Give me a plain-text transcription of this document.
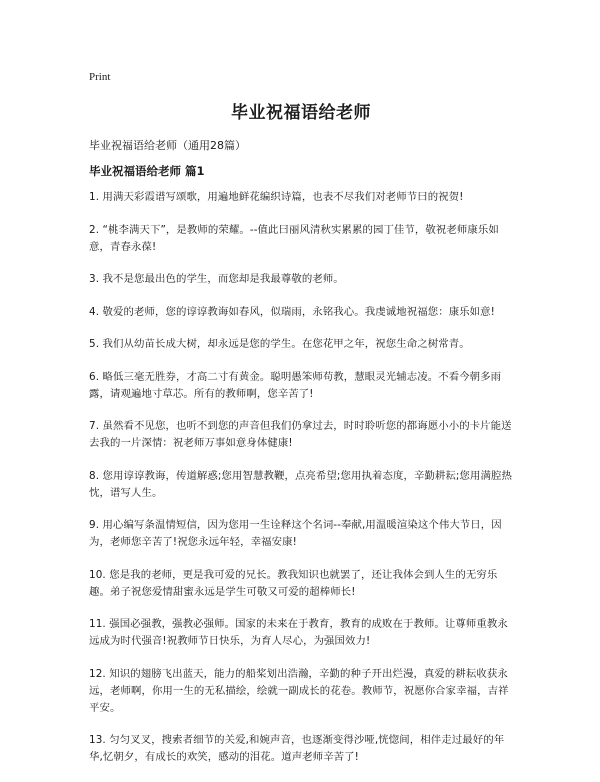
Print
毕业祝福语给老师

毕业祝福语给老师（通用28篇）

毕业祝福语给老师 篇1
1. 用满天彩霞谱写颂歌，用遍地鲜花编织诗篇，也表不尽我们对老师节曰的祝贺!
2. “桃李满天下”，是教师的荣耀。--值此曰丽风清秋实累累的园丁佳节，敬祝老师康乐如意，青春永葆!
3. 我不是您最出色的学生，而您却是我最尊敬的老师。
4. 敬爱的老师，您的谆谆教诲如春风，似瑞雨，永铭我心。我虔诚地祝福您：康乐如意!
5. 我们从幼苗长成大树，却永远是您的学生。在您花甲之年，祝您生命之树常青。
6. 略低三毫无胜券，才高二寸有黄金。聪明愚笨师苟教，慧眼灵光辅志凌。不看今朝多雨露，请观遍地寸草芯。所有的教师啊，您辛苦了!
7. 虽然看不见您，也听不到您的声音但我们仍拿过去，时时聆听您的都诲愿小小的卡片能送去我的一片深情：祝老师万事如意身体健康!
8. 您用谆谆教诲，传道解惑;您用智慧教鞭，点亮希望;您用执着态度，辛勤耕耘;您用满腔热忱，谱写人生。
9. 用心编写条温情短信，因为您用一生诠释这个名词--奉献,用温暖渲染这个伟大节日，因为，老师您辛苦了!祝您永远年轻，幸福安康!
10. 您是我的老师，更是我可爱的兄长。教我知识也就罢了，还让我体会到人生的无穷乐趣。弟子祝您爱情甜蜜永远是学生可敬又可爱的超棒师长!
11. 强国必强教，强教必强师。国家的未来在于教育，教育的成败在于教师。让尊师重教永远成为时代强音!祝教师节日快乐，为育人尽心，为强国效力!
12. 知识的翅膀飞出蓝天，能力的船桨划出浩瀚，辛勤的种子开出烂漫，真爱的耕耘收获永远，老师啊，你用一生的无私描绘，绘就一副成长的花卷。教师节，祝愿你合家幸福，吉祥平安。
13. 匀匀叉叉，搜索者细节的关爱,和婉声音，也逐渐变得沙哑,恍惚间，相伴走过最好的年华,忆朝夕，有成长的欢笑，感动的泪花。道声老师辛苦了!
